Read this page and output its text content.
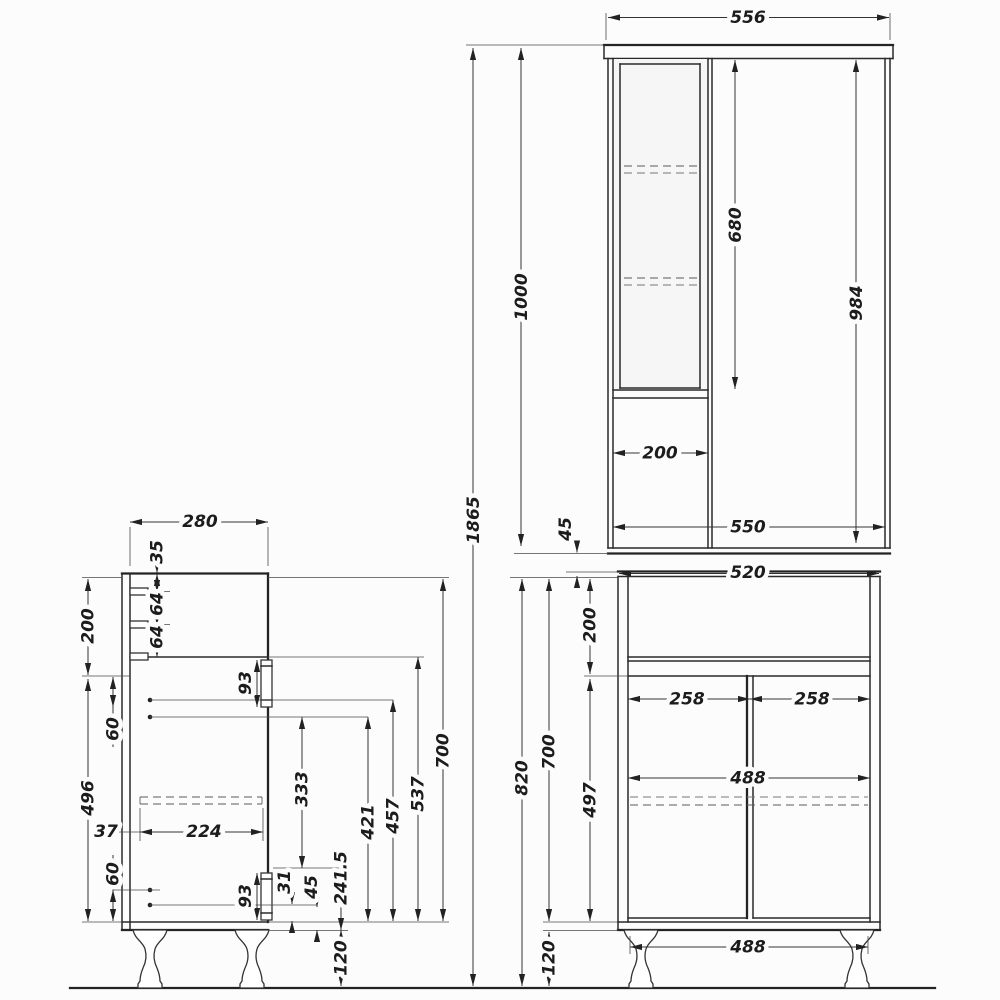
556
680
984
200
550
1000
1865	45
520
200
497
700
820
120
258	258
488
488
280
35
64
64
200
496
60
60
37	224
93
93
333
421 457
537
700
31 45 241.5
120
